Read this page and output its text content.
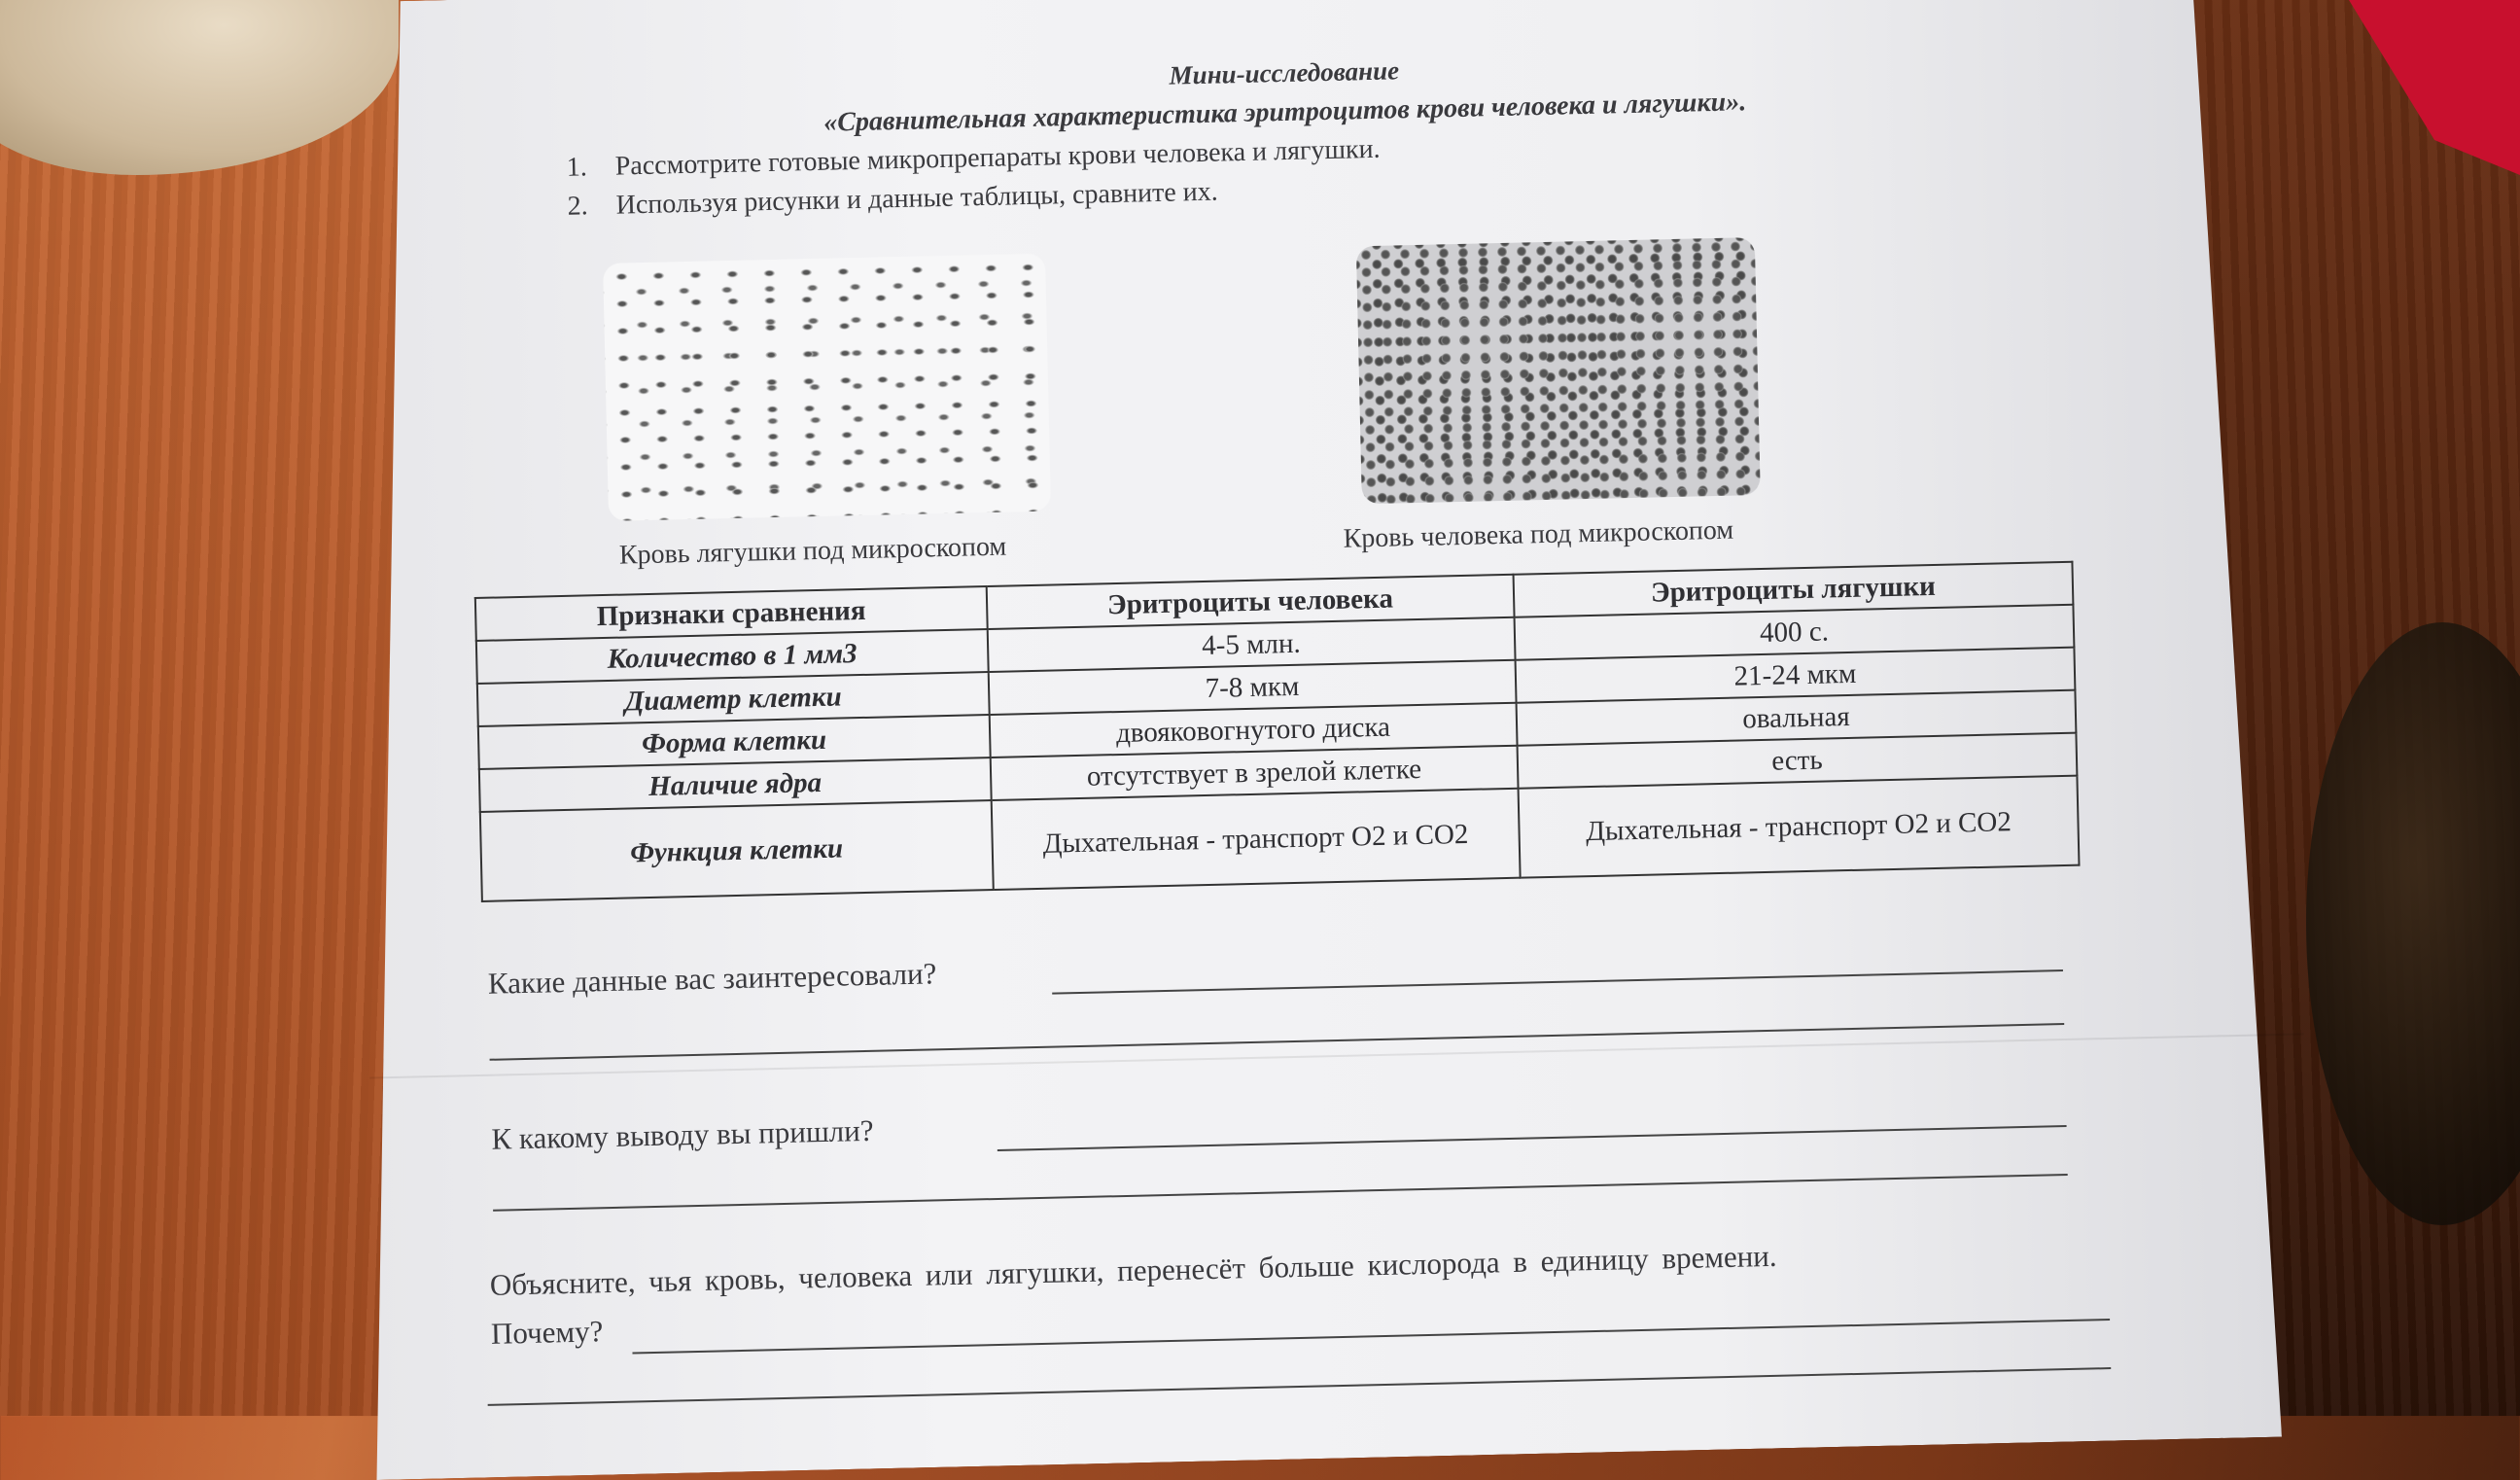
Мини-исследование
«Сравнительная характеристика эритроцитов крови человека и лягушки».
1. Рассмотрите готовые микропрепараты крови человека и лягушки.
2. Используя рисунки и данные таблицы, сравните их.
Кровь лягушки под микроскопом	Кровь человека под микроскопом
Признаки сравнения	Эритроциты человека	Эритроциты лягушки
Количество в 1 мм3	4-5 млн.	400 с.
Диаметр клетки	7-8 мкм	21-24 мкм
Форма клетки	двояковогнутого диска	овальная
Наличие ядра	отсутствует в зрелой клетке	есть
Функция клетки	Дыхательная - транспорт О2 и СО2	Дыхательная - транспорт О2 и СО2
Какие данные вас заинтересовали?
К какому выводу вы пришли?
Объясните, чья кровь, человека или лягушки, перенесёт больше кислорода в единицу времени.
Почему?
